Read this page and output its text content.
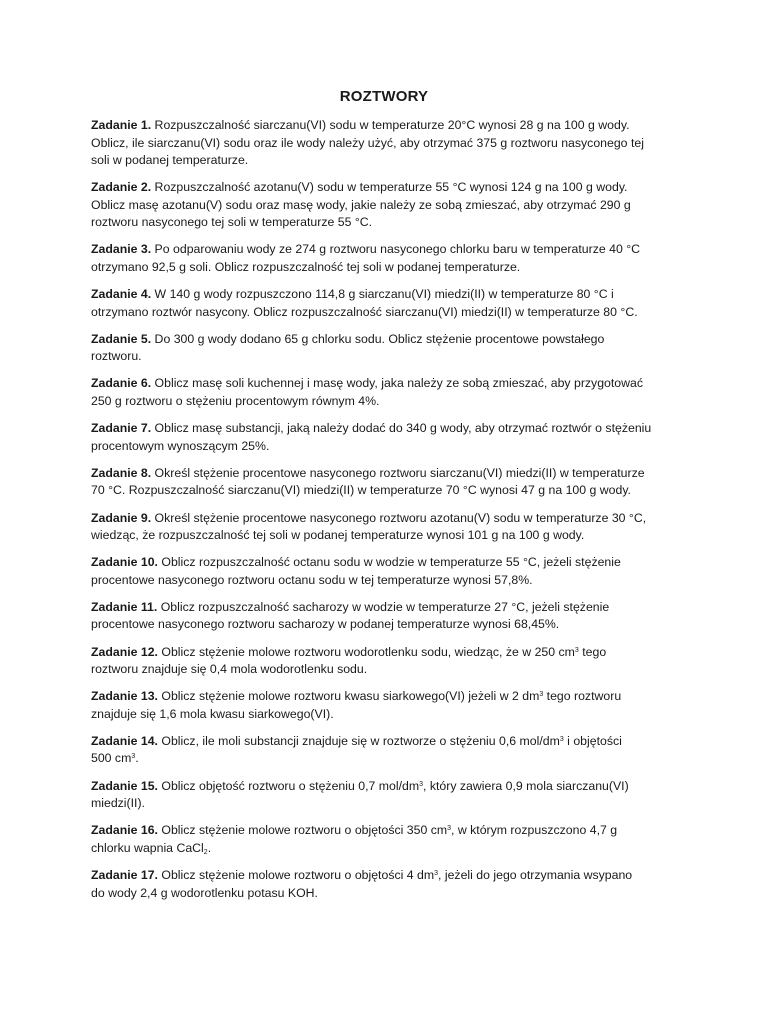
ROZTWORY

Zadanie 1. Rozpuszczalność siarczanu(VI) sodu w temperaturze 20°C wynosi 28 g na 100 g wody.
Oblicz, ile siarczanu(VI) sodu oraz ile wody należy użyć, aby otrzymać 375 g roztworu nasyconego tej
soli w podanej temperaturze.

Zadanie 2. Rozpuszczalność azotanu(V) sodu w temperaturze 55 °C wynosi 124 g na 100 g wody.
Oblicz masę azotanu(V) sodu oraz masę wody, jakie należy ze sobą zmieszać, aby otrzymać 290 g
roztworu nasyconego tej soli w temperaturze 55 °C.

Zadanie 3. Po odparowaniu wody ze 274 g roztworu nasyconego chlorku baru w temperaturze 40 °C
otrzymano 92,5 g soli. Oblicz rozpuszczalność tej soli w podanej temperaturze.

Zadanie 4. W 140 g wody rozpuszczono 114,8 g siarczanu(VI) miedzi(II) w temperaturze 80 °C i
otrzymano roztwór nasycony. Oblicz rozpuszczalność siarczanu(VI) miedzi(II) w temperaturze 80 °C.

Zadanie 5. Do 300 g wody dodano 65 g chlorku sodu. Oblicz stężenie procentowe powstałego
roztworu.

Zadanie 6. Oblicz masę soli kuchennej i masę wody, jaka należy ze sobą zmieszać, aby przygotować
250 g roztworu o stężeniu procentowym równym 4%.

Zadanie 7. Oblicz masę substancji, jaką należy dodać do 340 g wody, aby otrzymać roztwór o stężeniu
procentowym wynoszącym 25%.

Zadanie 8. Określ stężenie procentowe nasyconego roztworu siarczanu(VI) miedzi(II) w temperaturze
70 °C. Rozpuszczalność siarczanu(VI) miedzi(II) w temperaturze 70 °C wynosi 47 g na 100 g wody.

Zadanie 9. Określ stężenie procentowe nasyconego roztworu azotanu(V) sodu w temperaturze 30 °C,
wiedząc, że rozpuszczalność tej soli w podanej temperaturze wynosi 101 g na 100 g wody.

Zadanie 10. Oblicz rozpuszczalność octanu sodu w wodzie w temperaturze 55 °C, jeżeli stężenie
procentowe nasyconego roztworu octanu sodu w tej temperaturze wynosi 57,8%.

Zadanie 11. Oblicz rozpuszczalność sacharozy w wodzie w temperaturze 27 °C, jeżeli stężenie
procentowe nasyconego roztworu sacharozy w podanej temperaturze wynosi 68,45%.

Zadanie 12. Oblicz stężenie molowe roztworu wodorotlenku sodu, wiedząc, że w 250 $cm^3$ tego
roztworu znajduje się 0,4 mola wodorotlenku sodu.

Zadanie 13. Oblicz stężenie molowe roztworu kwasu siarkowego(VI) jeżeli w 2 $dm^3$ tego roztworu
znajduje się 1,6 mola kwasu siarkowego(VI).

Zadanie 14. Oblicz, ile moli substancji znajduje się w roztworze o stężeniu 0,6 mol/$dm^3$ i objętości
500 $cm^3$.

Zadanie 15. Oblicz objętość roztworu o stężeniu 0,7 mol/$dm^3$, który zawiera 0,9 mola siarczanu(VI)
miedzi(II).

Zadanie 16. Oblicz stężenie molowe roztworu o objętości 350 $cm^3$, w którym rozpuszczono 4,7 g
chlorku wapnia CaCl$_2$.

Zadanie 17. Oblicz stężenie molowe roztworu o objętości 4 $dm^3$, jeżeli do jego otrzymania wsypano
do wody 2,4 g wodorotlenku potasu KOH.
